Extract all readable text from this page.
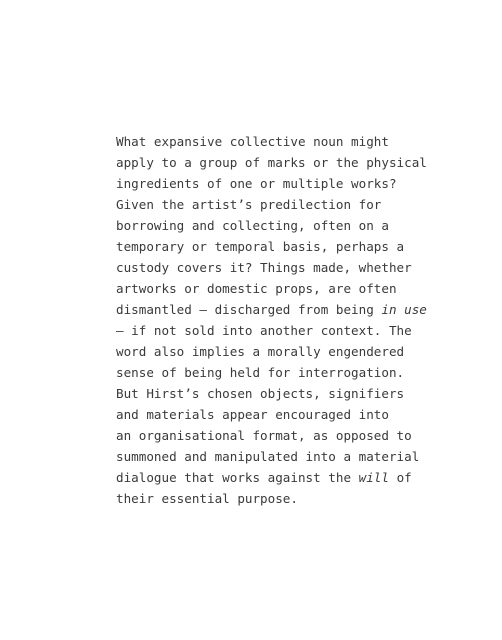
What expansive collective noun might
apply to a group of marks or the physical
ingredients of one or multiple works?
Given the artist’s predilection for
borrowing and collecting, often on a
temporary or temporal basis, perhaps a
custody covers it? Things made, whether
artworks or domestic props, are often
dismantled — discharged from being in use
— if not sold into another context. The
word also implies a morally engendered
sense of being held for interrogation.
But Hirst’s chosen objects, signifiers
and materials appear encouraged into
an organisational format, as opposed to
summoned and manipulated into a material
dialogue that works against the will of
their essential purpose.
